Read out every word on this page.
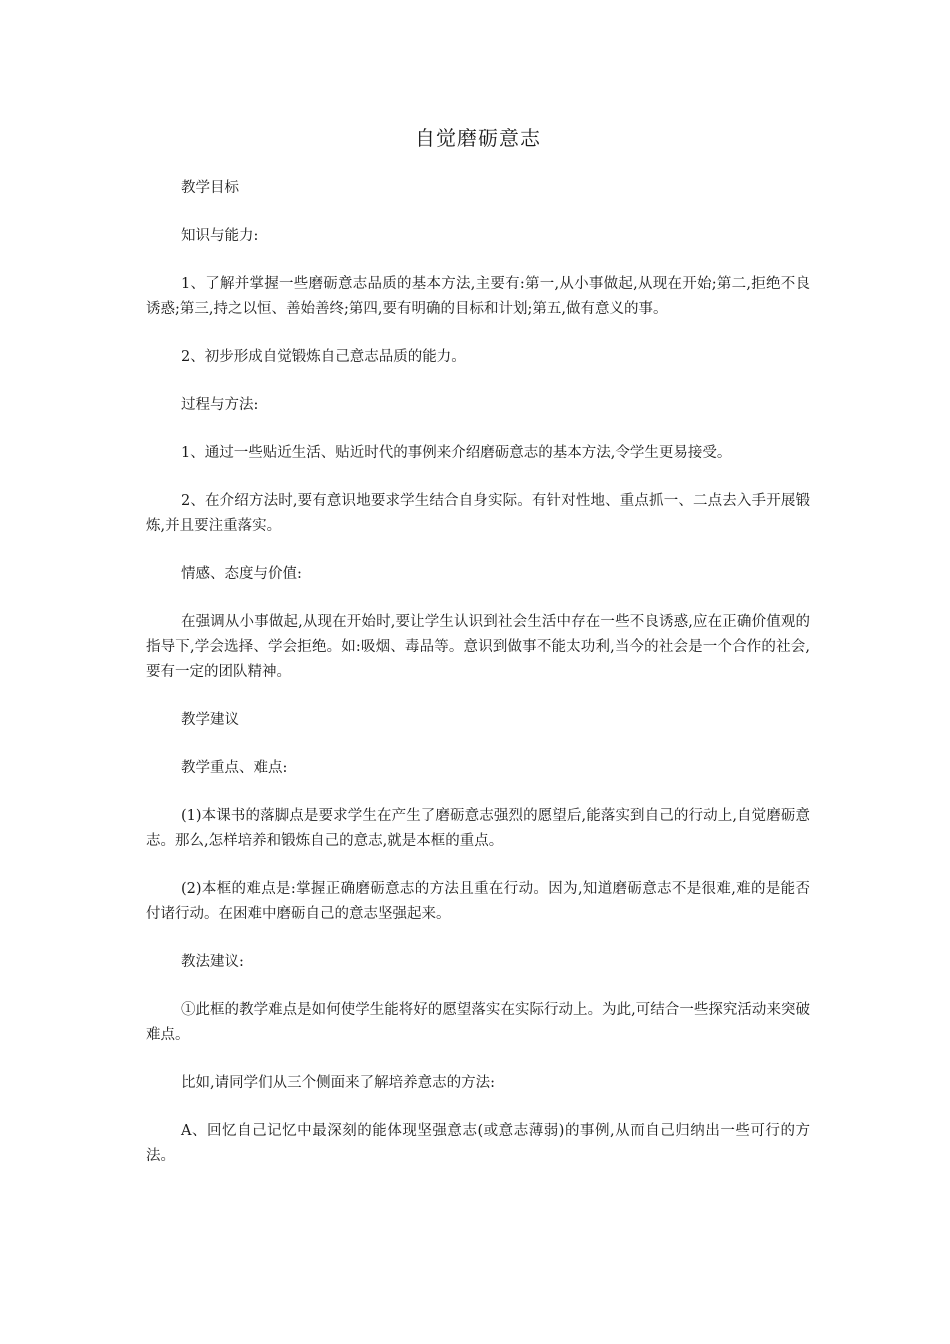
自觉磨砺意志

教学目标

知识与能力:

1、了解并掌握一些磨砺意志品质的基本方法,主要有:第一,从小事做起,从现在开始;第二,拒绝不良诱惑;第三,持之以恒、善始善终;第四,要有明确的目标和计划;第五,做有意义的事。

2、初步形成自觉锻炼自己意志品质的能力。

过程与方法:

1、通过一些贴近生活、贴近时代的事例来介绍磨砺意志的基本方法,令学生更易接受。

2、在介绍方法时,要有意识地要求学生结合自身实际。有针对性地、重点抓一、二点去入手开展锻炼,并且要注重落实。

情感、态度与价值:

在强调从小事做起,从现在开始时,要让学生认识到社会生活中存在一些不良诱惑,应在正确价值观的指导下,学会选择、学会拒绝。如:吸烟、毒品等。意识到做事不能太功利,当今的社会是一个合作的社会,要有一定的团队精神。

教学建议

教学重点、难点:

(1)本课书的落脚点是要求学生在产生了磨砺意志强烈的愿望后,能落实到自己的行动上,自觉磨砺意志。那么,怎样培养和锻炼自己的意志,就是本框的重点。

(2)本框的难点是:掌握正确磨砺意志的方法且重在行动。因为,知道磨砺意志不是很难,难的是能否付诸行动。在困难中磨砺自己的意志坚强起来。

教法建议:

①此框的教学难点是如何使学生能将好的愿望落实在实际行动上。为此,可结合一些探究活动来突破难点。

比如,请同学们从三个侧面来了解培养意志的方法:

A、回忆自己记忆中最深刻的能体现坚强意志(或意志薄弱)的事例,从而自己归纳出一些可行的方法。
